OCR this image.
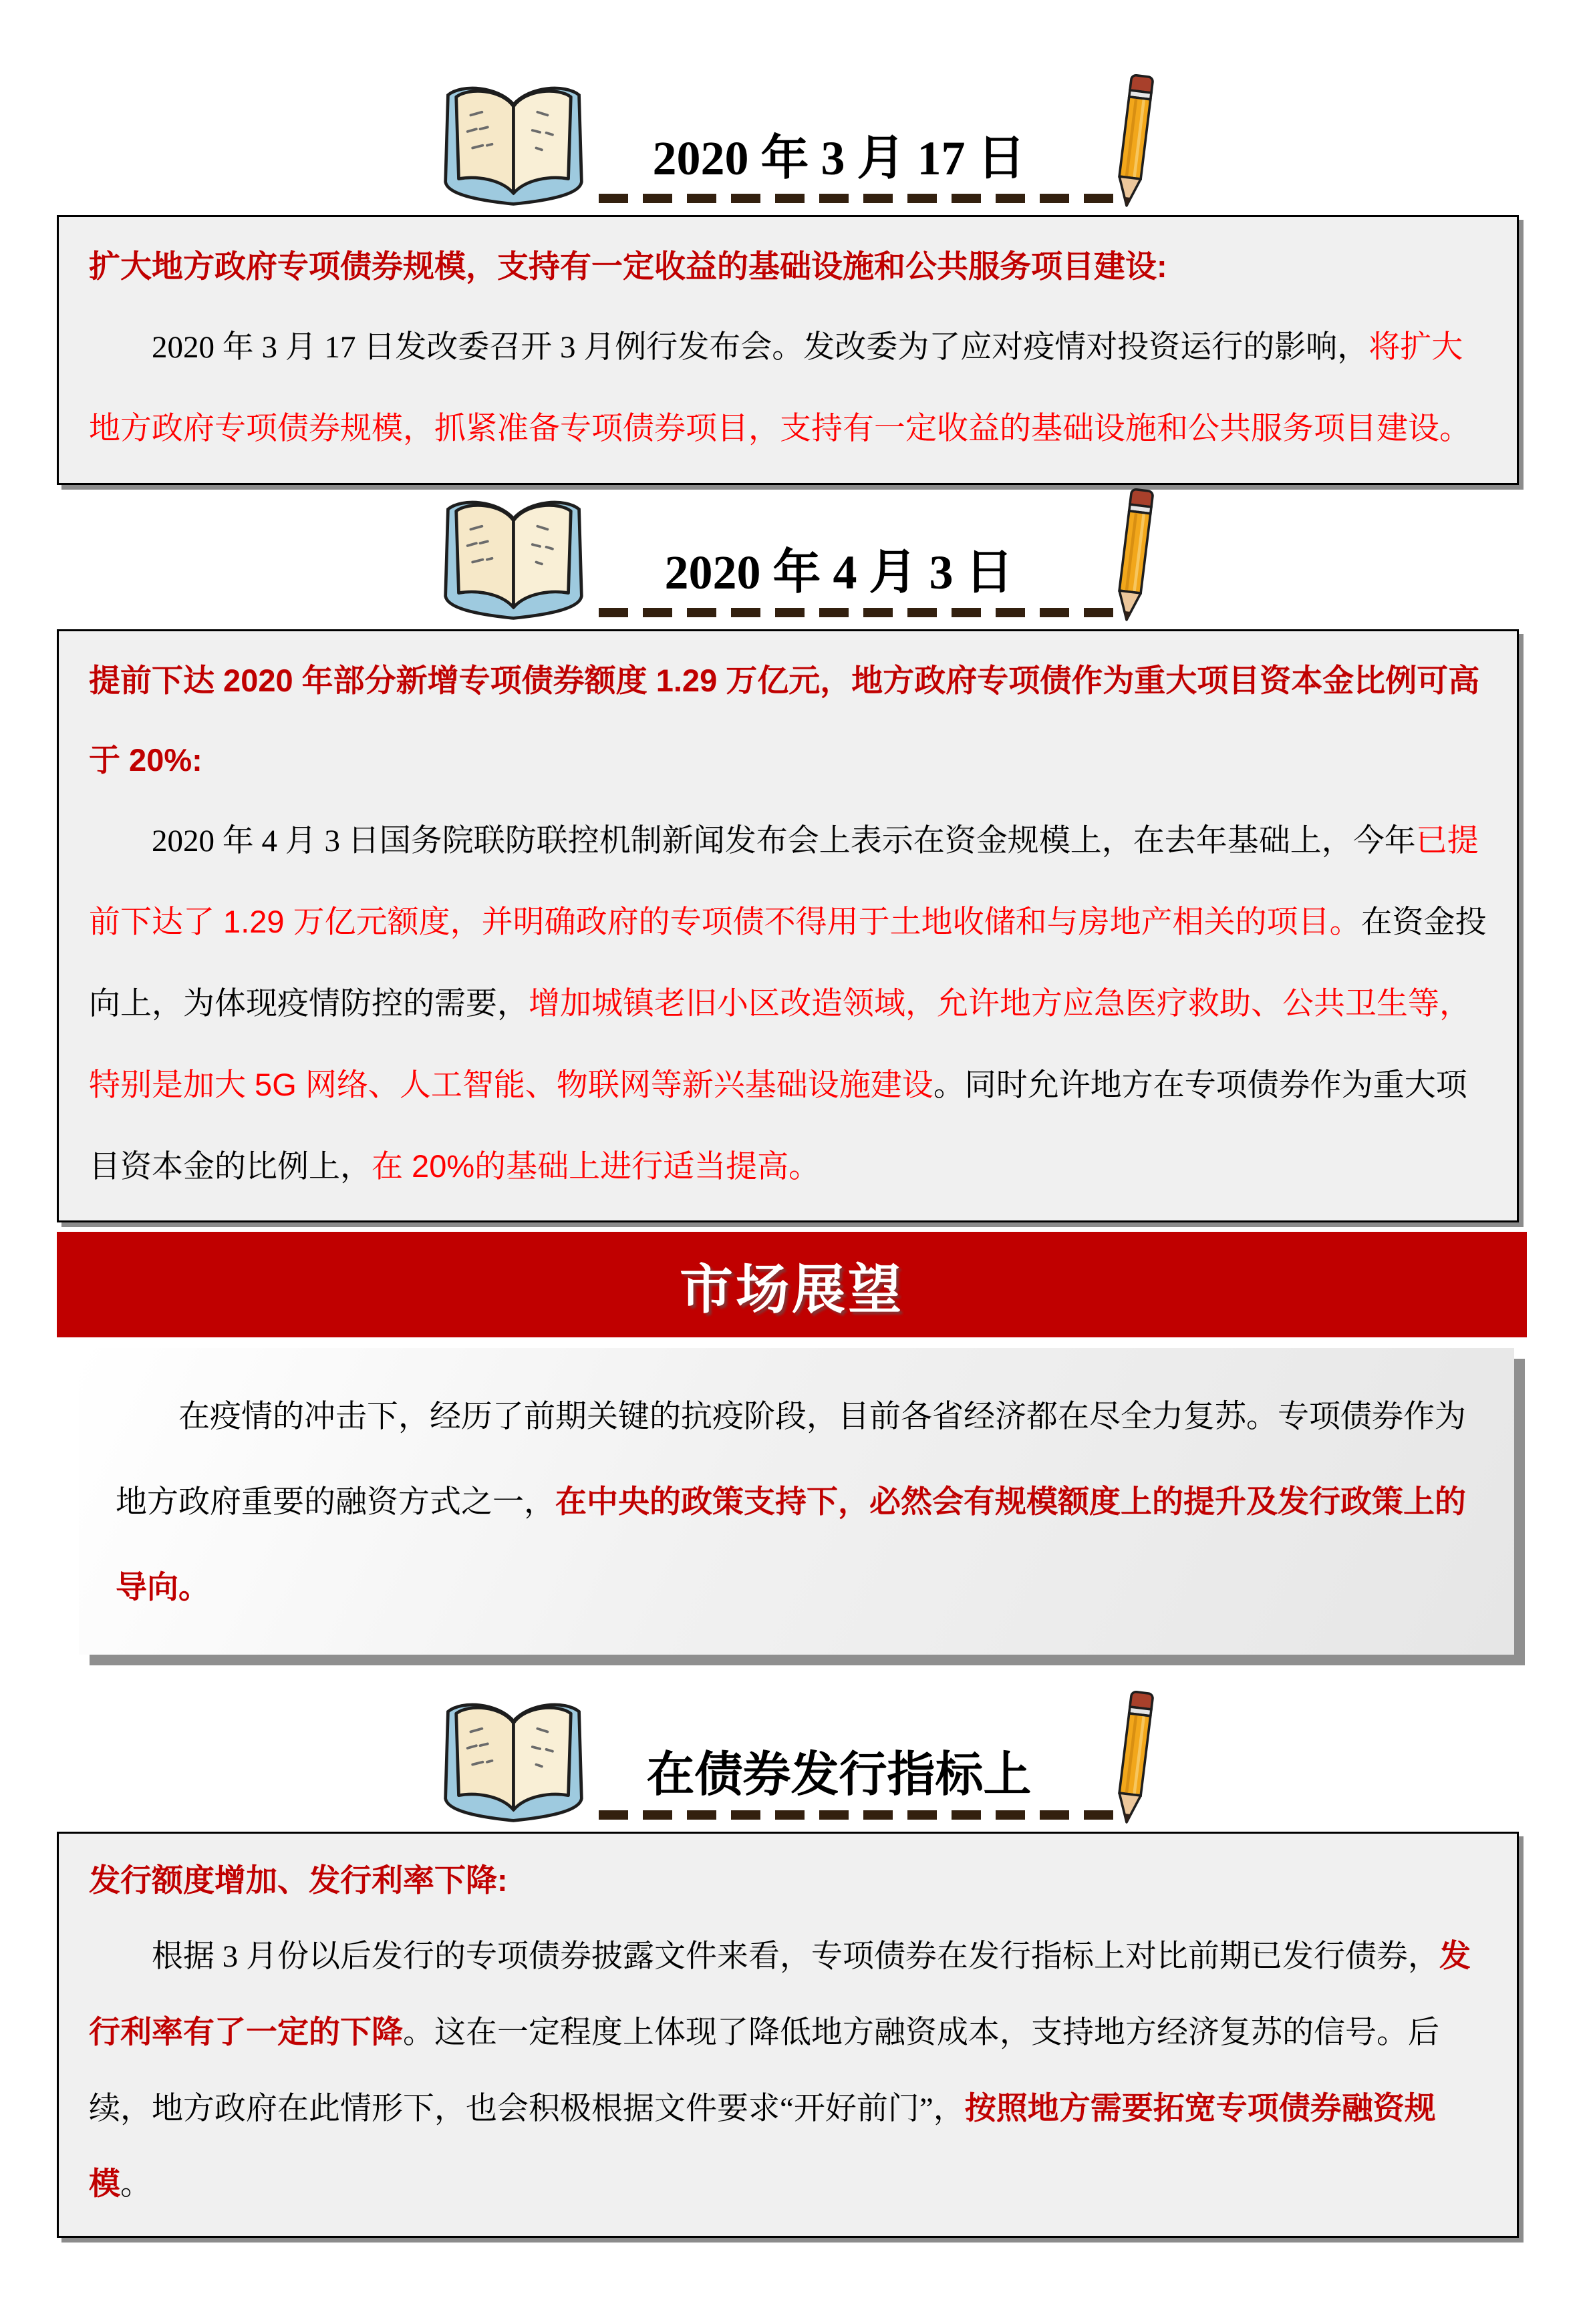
2020 年 3 月 17 日

扩大地方政府专项债券规模，支持有一定收益的基础设施和公共服务项目建设:

2020 年 3 月 17 日发改委召开 3 月例行发布会。发改委为了应对疫情对投资运行的影响，将扩大地方政府专项债券规模，抓紧准备专项债券项目，支持有一定收益的基础设施和公共服务项目建设。

2020 年 4 月 3 日

提前下达 2020 年部分新增专项债券额度 1.29 万亿元，地方政府专项债作为重大项目资本金比例可高于 20%:

2020 年 4 月 3 日国务院联防联控机制新闻发布会上表示在资金规模上，在去年基础上，今年已提前下达了 1.29 万亿元额度，并明确政府的专项债不得用于土地收储和与房地产相关的项目。在资金投向上，为体现疫情防控的需要，增加城镇老旧小区改造领域，允许地方应急医疗救助、公共卫生等，特别是加大 5G 网络、人工智能、物联网等新兴基础设施建设。同时允许地方在专项债券作为重大项目资本金的比例上，在 20%的基础上进行适当提高。

市场展望

在疫情的冲击下，经历了前期关键的抗疫阶段，目前各省经济都在尽全力复苏。专项债券作为地方政府重要的融资方式之一，在中央的政策支持下，必然会有规模额度上的提升及发行政策上的导向。

在债券发行指标上

发行额度增加、发行利率下降:

根据 3 月份以后发行的专项债券披露文件来看，专项债券在发行指标上对比前期已发行债券，发行利率有了一定的下降。这在一定程度上体现了降低地方融资成本，支持地方经济复苏的信号。后续，地方政府在此情形下，也会积极根据文件要求“开好前门”，按照地方需要拓宽专项债券融资规模。
